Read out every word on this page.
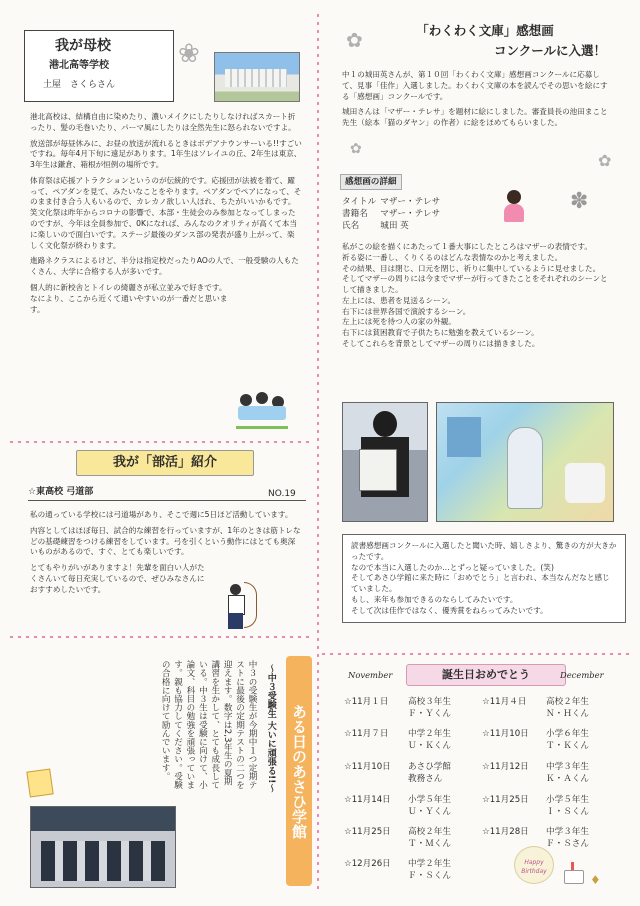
我が母校
港北高等学校
土屋　さくらさん
❀

港北高校は、結構自由に染めたり、濃いメイクにしたりしなければスカート折ったり、髪の毛巻いたり、パーマ風にしたりは全然先生に怒られないですよ。

放送部が毎昼休みに、お昼の放送が流れるときはボデアナウンサーいる!!すごいですね。毎年4月下旬に遠足があります。1年生はソレイユの丘、2年生は東京、3年生は鎌倉、箱根が恒例の場所です。

体育祭は応援アトラクションというのが伝統的です。応援団が法被を着て、躍って、ペアダンを見て、みたいなことをやります。ペアダンでペアになって、そのまま付き合う人もいるので、カレカノ欲しい人ほれ、ちたがいいかもです。笑文化祭は昨年からコロナの影響で、本部・生徒会のみ参加となってしまったのですが、今年は全員参加で、0Kになれば、みんなのクオリティが高くて本当に楽しいので面白いです。ステージ最後のダンス部の発表が盛り上がって、楽しく文化祭が終わります。

進路ネクラスによるけど、半分は指定校だったりAOの人で、一般受験の人もたくさん、大学に合格する人が多いです。

個人的に新校舎とトイレの綺麗さが私立並みで好きです。なにより、ここから近くて通いやすいのが一番だと思います。

我が「部活」紹介
☆東高校 弓道部	NO.19

私の通っている学校には弓道場があり、そこで週に5日ほど活動しています。

内容としてはほぼ毎日、試合的な練習を行っていますが、1年のときは筋トレなどの基礎練習をつける練習をしています。弓を引くという動作にはとても奥深いものがあるので、すぐ、とても楽しいです。

とてもやりがいがありますよ！先輩を面白い人がたくさんいて毎日充実しているので、ぜひみなさんにおすすめしたいです。

ある日のあさひ学館
〜中３受験生 大いに頑張る!!〜
中３の受験生が今期中１つ定期テストに最後の定期テストの二つを迎えます。数字は2,3年生の夏期講習を生かして、とても成長している。中３生は受験に向けて、小論文、科目の勉強を頑張っています。親も協力してください。受験の合格に向けて励んでいます。
「わくわく文庫」感想画
コンクールに入選！
✿
✿
✿
✽

中１の城田英さんが、第１０回「わくわく文庫」感想画コンクールに応募して、見事「佳作」入選しました。わくわく文庫の本を読んでその思いを絵にする「感想画」コンクールです。

城田さんは「マザー・テレサ」を題材に絵にしました。審査員長の池田まこと先生（絵本「猫のダヤン」の作者）に絵をほめてもらいました。

感想画の詳細
タイトル	マザー・テレサ
書籍名	マザー・テレサ
氏名	城田 英

私がこの絵を描くにあたって１番大事にしたところはマザーの表情です。

祈る姿に一番し、くりくるのはどんな表情なのかと考えました。

その結果、目は閉じ、口元を閉じ、祈りに集中しているように見せました。

そしてマザーの周りには今までマザーが行ってきたことをそれぞれのシーンとして描きました。

左上には、患者を見送るシーン。

右下には世界各国で演説するシーン。

左上には死を待つ人の家の外観。

右下には貧困教育で子供たちに勉強を教えているシーン。

そしてこれらを背景としてマザーの周りには描きました。

読書感想画コンクールに入選したと聞いた時、嬉しさより、驚きの方が大きかったです。

なので本当に入選したのか…とずっと疑っていました。(笑)

そしてあさひ学館に来た時に「おめでとう」と言われ、本当なんだなと感じていました。

もし、来年も参加できるのならしてみたいです。

そして次は佳作ではなく、優秀賞をねらってみたいです。

November	誕生日おめでとう	December
☆11月１日 高校３年生
Ｆ・Ｙくん
☆11月４日 高校２年生
Ｎ・Ｈくん
☆11月７日 中学２年生
Ｕ・Ｋくん
☆11月10日 小学６年生
Ｔ・Ｋくん
☆11月10日 あさひ学館
教務さん
☆11月12日 中学３年生
Ｋ・Ａくん
☆11月14日 小学５年生
Ｕ・Ｙくん
☆11月25日 小学５年生
Ｉ・Ｓくん
☆11月25日 高校２年生
Ｔ・Ｍくん
☆11月28日 中学３年生
Ｆ・Ｓさん
☆12月26日 中学２年生
Ｆ・Ｓくん
Happy Birthday
♦
